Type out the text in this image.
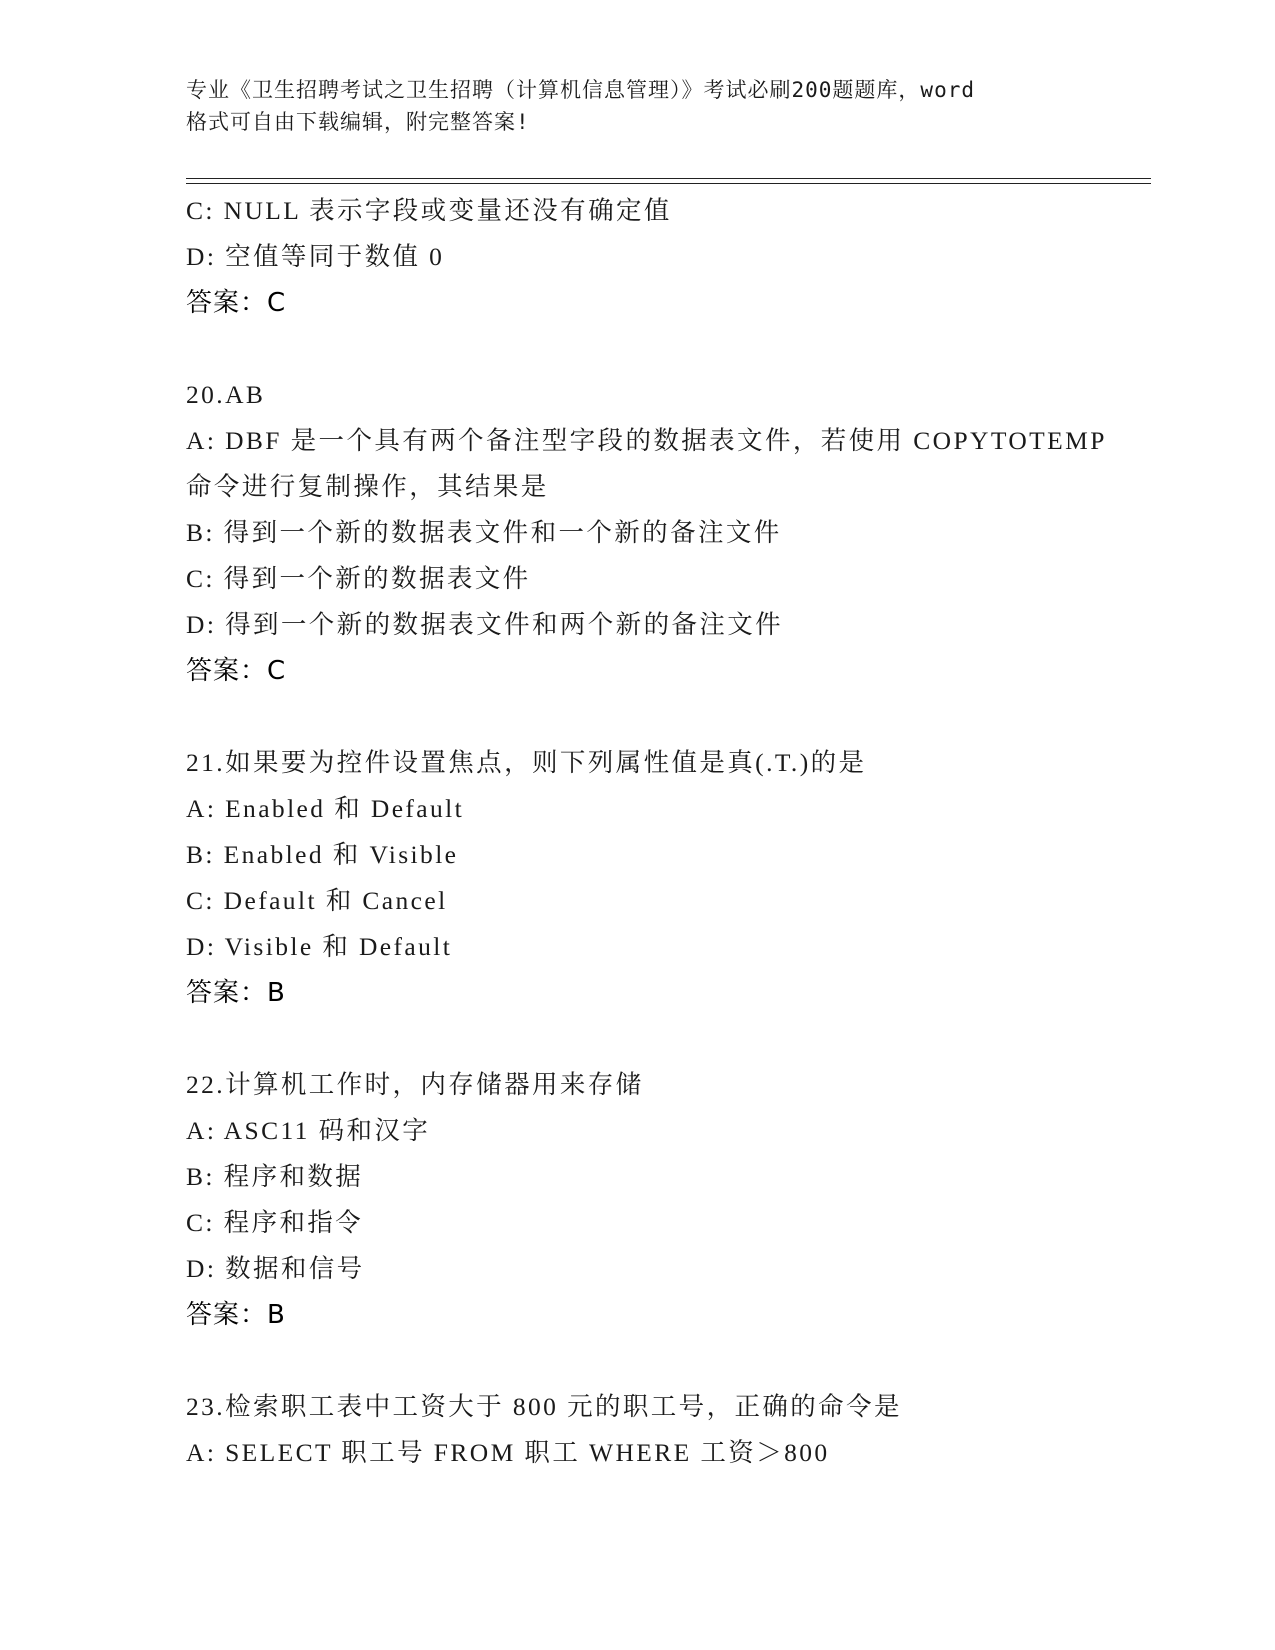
专业《卫生招聘考试之卫生招聘（计算机信息管理）》考试必刷200题题库，word
格式可自由下载编辑，附完整答案!
C: NULL 表示字段或变量还没有确定值
D: 空值等同于数值 0
答案：C
20.AB
A: DBF 是一个具有两个备注型字段的数据表文件，若使用 COPYTOTEMP
命令进行复制操作，其结果是
B: 得到一个新的数据表文件和一个新的备注文件
C: 得到一个新的数据表文件
D: 得到一个新的数据表文件和两个新的备注文件
答案：C
21.如果要为控件设置焦点，则下列属性值是真(.T.)的是
A: Enabled 和 Default
B: Enabled 和 Visible
C: Default 和 Cancel
D: Visible 和 Default
答案：B
22.计算机工作时，内存储器用来存储
A: ASC11 码和汉字
B: 程序和数据
C: 程序和指令
D: 数据和信号
答案：B
23.检索职工表中工资大于 800 元的职工号，正确的命令是
A: SELECT 职工号 FROM 职工 WHERE 工资＞800
